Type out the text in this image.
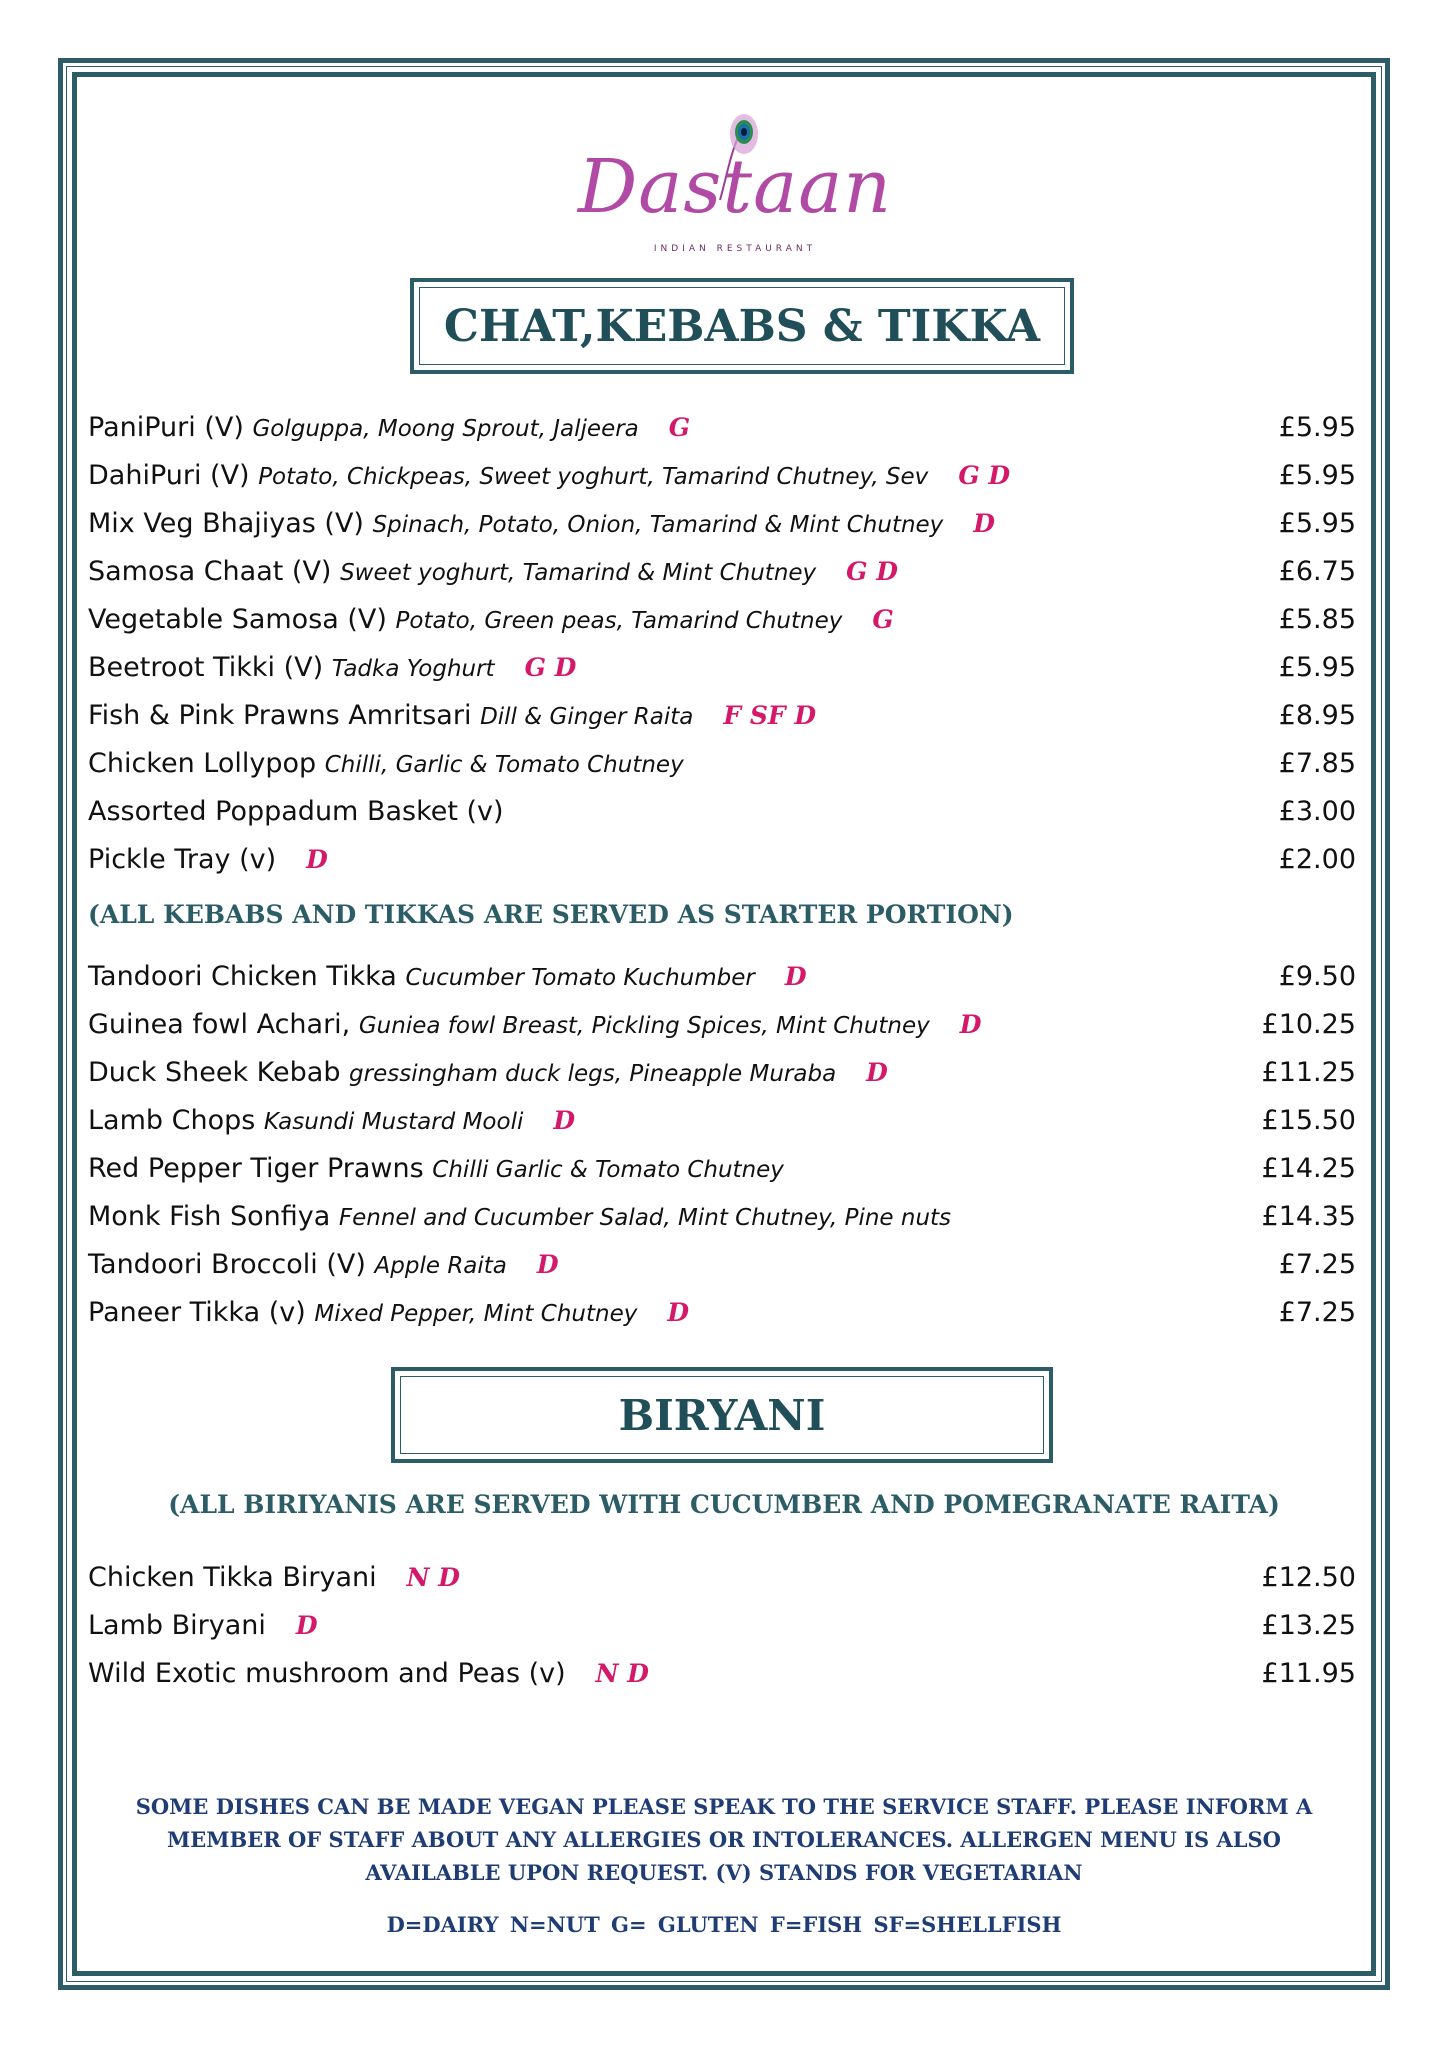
Dastaan
INDIAN RESTAURANT
CHAT,KEBABS & TIKKA
PaniPuri (V) Golguppa, Moong Sprout, Jaljeera G	£5.95
DahiPuri (V) Potato, Chickpeas, Sweet yoghurt, Tamarind Chutney, Sev G D	£5.95
Mix Veg Bhajiyas (V) Spinach, Potato, Onion, Tamarind & Mint Chutney D	£5.95
Samosa Chaat (V) Sweet yoghurt, Tamarind & Mint Chutney G D	£6.75
Vegetable Samosa (V) Potato, Green peas, Tamarind Chutney G	£5.85
Beetroot Tikki (V) Tadka Yoghurt G D	£5.95
Fish & Pink Prawns Amritsari Dill & Ginger Raita F SF D	£8.95
Chicken Lollypop Chilli, Garlic & Tomato Chutney	£7.85
Assorted Poppadum Basket (v)	£3.00
Pickle Tray (v) D	£2.00
(ALL KEBABS AND TIKKAS ARE SERVED AS STARTER PORTION)
Tandoori Chicken Tikka Cucumber Tomato Kuchumber D	£9.50
Guinea fowl Achari, Guniea fowl Breast, Pickling Spices, Mint Chutney D	£10.25
Duck Sheek Kebab gressingham duck legs, Pineapple Muraba D	£11.25
Lamb Chops Kasundi Mustard Mooli D	£15.50
Red Pepper Tiger Prawns Chilli Garlic & Tomato Chutney	£14.25
Monk Fish Sonfiya Fennel and Cucumber Salad, Mint Chutney, Pine nuts	£14.35
Tandoori Broccoli (V) Apple Raita D	£7.25
Paneer Tikka (v) Mixed Pepper, Mint Chutney D	£7.25
BIRYANI
(ALL BIRIYANIS ARE SERVED WITH CUCUMBER AND POMEGRANATE RAITA)
Chicken Tikka Biryani N D	£12.50
Lamb Biryani D	£13.25
Wild Exotic mushroom and Peas (v) N D	£11.95
SOME DISHES CAN BE MADE VEGAN PLEASE SPEAK TO THE SERVICE STAFF. PLEASE INFORM A
MEMBER OF STAFF ABOUT ANY ALLERGIES OR INTOLERANCES. ALLERGEN MENU IS ALSO
AVAILABLE UPON REQUEST. (V) STANDS FOR VEGETARIAN
D=DAIRY N=NUT G= GLUTEN F=FISH SF=SHELLFISH
